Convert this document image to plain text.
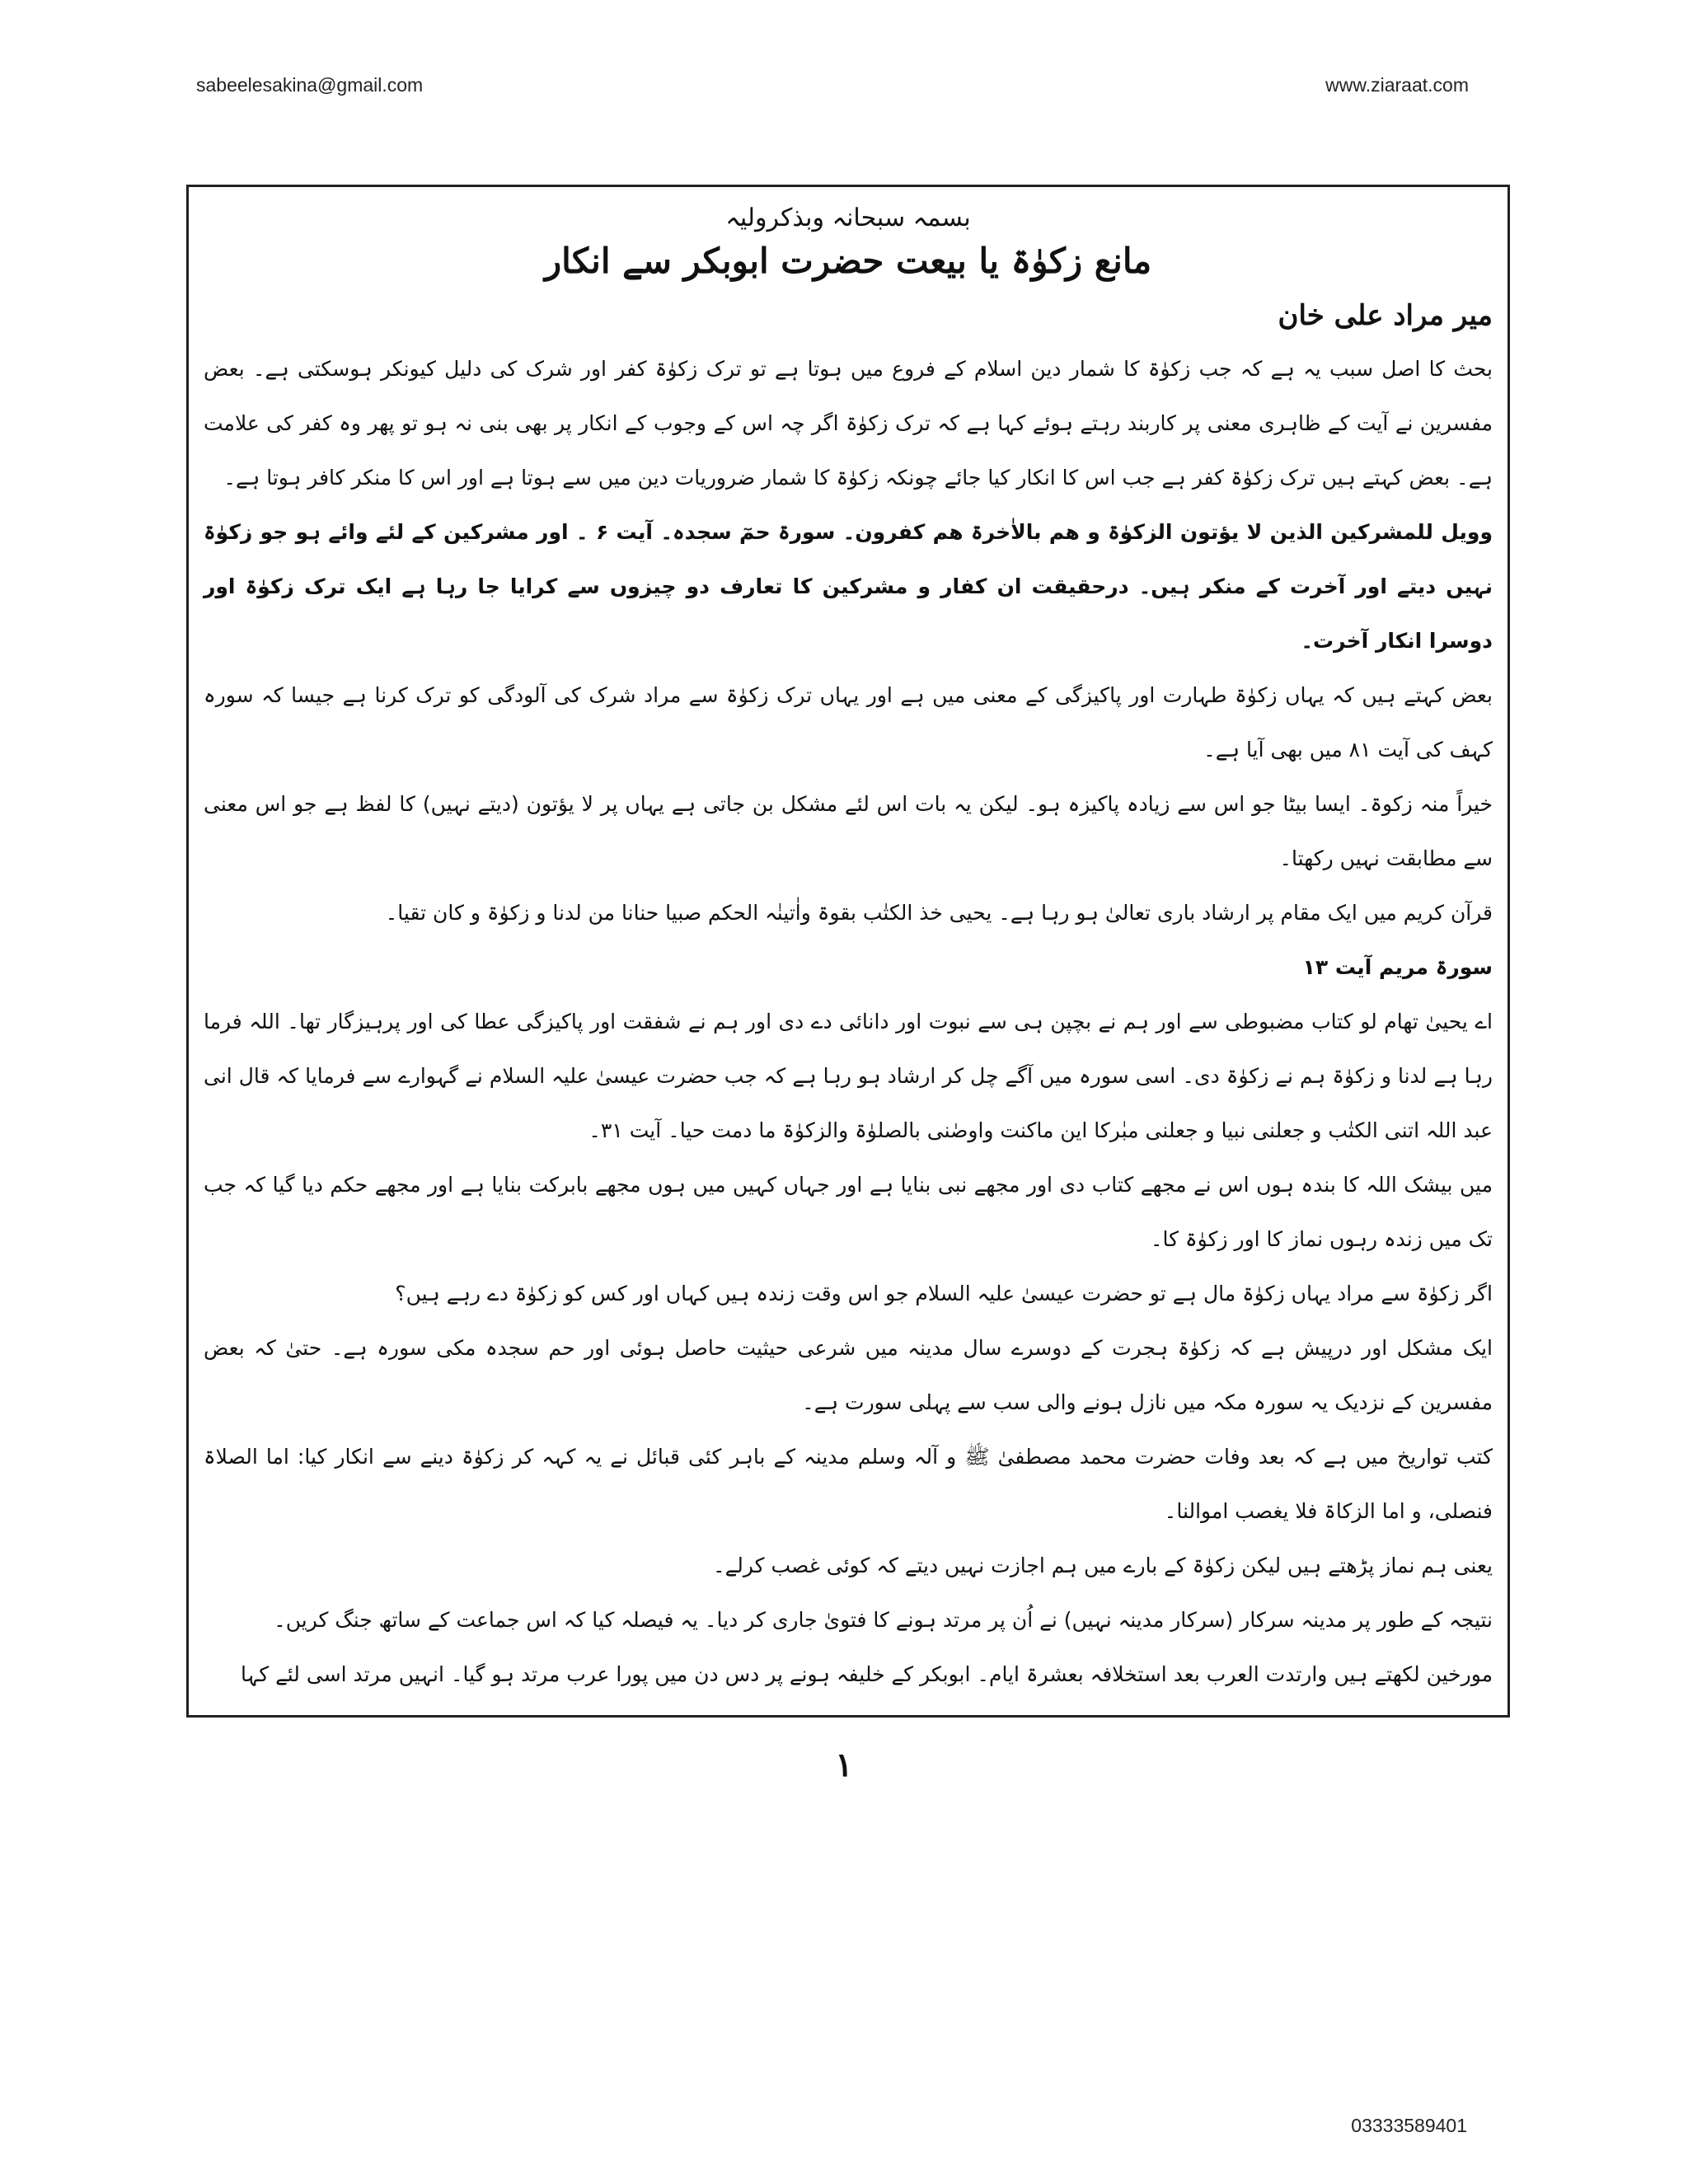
sabeelesakina@gmail.com	www.ziaraat.com
بسمہ سبحانہ وبذکرولیہ
مانع زکوٰۃ یا بیعت حضرت ابوبکر سے انکار
میر مراد علی خان

بحث کا اصل سبب یہ ہے کہ جب زکوٰۃ کا شمار دین اسلام کے فروع میں ہوتا ہے تو ترک زکوٰۃ کفر اور شرک کی دلیل کیونکر ہوسکتی ہے۔ بعض مفسرین نے آیت کے ظاہری معنی پر کاربند رہتے ہوئے کہا ہے کہ ترک زکوٰۃ اگر چہ اس کے وجوب کے انکار پر بھی بنی نہ ہو تو پھر وہ کفر کی علامت ہے۔ بعض کہتے ہیں ترک زکوٰۃ کفر ہے جب اس کا انکار کیا جائے چونکہ زکوٰۃ کا شمار ضروریات دین میں سے ہوتا ہے اور اس کا منکر کافر ہوتا ہے۔

وویل للمشرکین الذین لا یؤتون الزکوٰۃ و ھم بالاٰخرۃ ھم کفرون۔ سورۃ حمٓ سجدہ۔ آیت ۶ ۔ اور مشرکین کے لئے وائے ہو جو زکوٰۃ نہیں دیتے اور آخرت کے منکر ہیں۔ درحقیقت ان کفار و مشرکین کا تعارف دو چیزوں سے کرایا جا رہا ہے ایک ترک زکوٰۃ اور دوسرا انکار آخرت۔

بعض کہتے ہیں کہ یہاں زکوٰۃ طہارت اور پاکیزگی کے معنی میں ہے اور یہاں ترک زکوٰۃ سے مراد شرک کی آلودگی کو ترک کرنا ہے جیسا کہ سورہ کہف کی آیت ۸۱ میں بھی آیا ہے۔

خیراً منہ زکوۃ۔ ایسا بیٹا جو اس سے زیادہ پاکیزہ ہو۔ لیکن یہ بات اس لئے مشکل بن جاتی ہے یہاں پر لا یؤتون (دیتے نہیں) کا لفظ ہے جو اس معنی سے مطابقت نہیں رکھتا۔

قرآن کریم میں ایک مقام پر ارشاد باری تعالیٰ ہو رہا ہے۔ یحیی خذ الکتٰب بقوۃ واٰتینٰہ الحکم صبیا حنانا من لدنا و زکوٰۃ و کان تقیا۔

سورۃ مریم آیت ۱۳

اے یحییٰ تھام لو کتاب مضبوطی سے اور ہم نے بچپن ہی سے نبوت اور دانائی دے دی اور ہم نے شفقت اور پاکیزگی عطا کی اور پرہیزگار تھا۔ اللہ فرما رہا ہے لدنا و زکوٰۃ ہم نے زکوٰۃ دی۔ اسی سورہ میں آگے چل کر ارشاد ہو رہا ہے کہ جب حضرت عیسیٰ علیہ السلام نے گہوارے سے فرمایا کہ قال انی عبد اللہ اتنی الکتٰب و جعلنی نبیا و جعلنی مبٰرکا این ماکنت واوصٰنی بالصلوٰۃ والزکوٰۃ ما دمت حیا۔ آیت ۳۱۔

میں بیشک اللہ کا بندہ ہوں اس نے مجھے کتاب دی اور مجھے نبی بنایا ہے اور جہاں کہیں میں ہوں مجھے بابرکت بنایا ہے اور مجھے حکم دیا گیا کہ جب تک میں زندہ رہوں نماز کا اور زکوٰۃ کا۔

اگر زکوٰۃ سے مراد یہاں زکوٰۃ مال ہے تو حضرت عیسیٰ علیہ السلام جو اس وقت زندہ ہیں کہاں اور کس کو زکوٰۃ دے رہے ہیں؟

ایک مشکل اور درپیش ہے کہ زکوٰۃ ہجرت کے دوسرے سال مدینہ میں شرعی حیثیت حاصل ہوئی اور حم سجدہ مکی سورہ ہے۔ حتیٰ کہ بعض مفسرین کے نزدیک یہ سورہ مکہ میں نازل ہونے والی سب سے پہلی سورت ہے۔

کتب تواریخ میں ہے کہ بعد وفات حضرت محمد مصطفیٰ ﷺ و آلہ وسلم مدینہ کے باہر کئی قبائل نے یہ کہہ کر زکوٰۃ دینے سے انکار کیا: اما الصلاۃ فنصلی، و اما الزکاۃ فلا یغصب اموالنا۔

یعنی ہم نماز پڑھتے ہیں لیکن زکوٰۃ کے بارے میں ہم اجازت نہیں دیتے کہ کوئی غصب کرلے۔

نتیجہ کے طور پر مدینہ سرکار (سرکار مدینہ نہیں) نے اُن پر مرتد ہونے کا فتویٰ جاری کر دیا۔ یہ فیصلہ کیا کہ اس جماعت کے ساتھ جنگ کریں۔

مورخین لکھتے ہیں وارتدت العرب بعد استخلافہ بعشرۃ ایام۔ ابوبکر کے خلیفہ ہونے پر دس دن میں پورا عرب مرتد ہو گیا۔ انہیں مرتد اسی لئے کہا

۱
03333589401
